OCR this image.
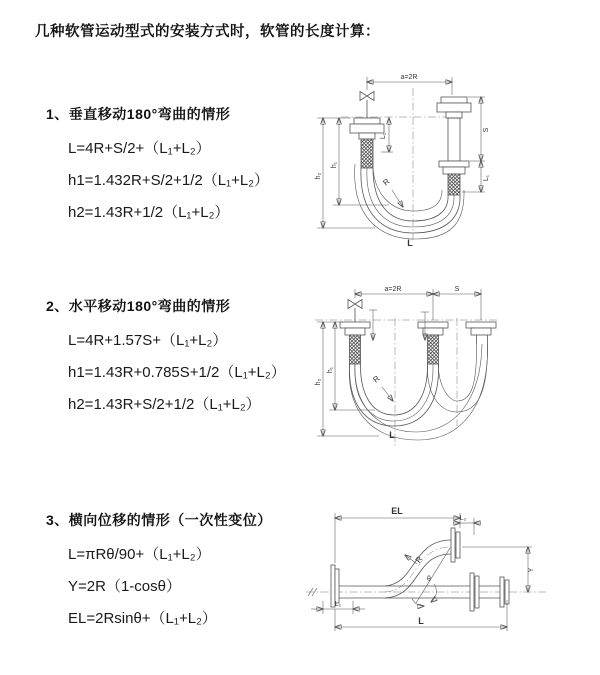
几种软管运动型式的安装方式时，软管的长度计算：
1、垂直移动180°弯曲的情形

L=4R+S/2+（L₁+L₂）

h1=1.432R+S/2+1/2（L₁+L₂）

h2=1.43R+1/2（L₁+L₂）

2、水平移动180°弯曲的情形

L=4R+1.57S+（L₁+L₂）

h1=1.43R+0.785S+1/2（L₁+L₂）

h2=1.43R+S/2+1/2（L₁+L₂）

3、横向位移的情形（一次性变位）

L=πRθ/90+（L₁+L₂）

Y=2R（1-cosθ）

EL=2Rsinθ+（L₁+L₂）

a=2R
h₂
h₁
L₁
S
L₁
R
L
a=2R	S
h₂
h₁
R
L
EL
L₂
Y
L₁
L
R
θ
